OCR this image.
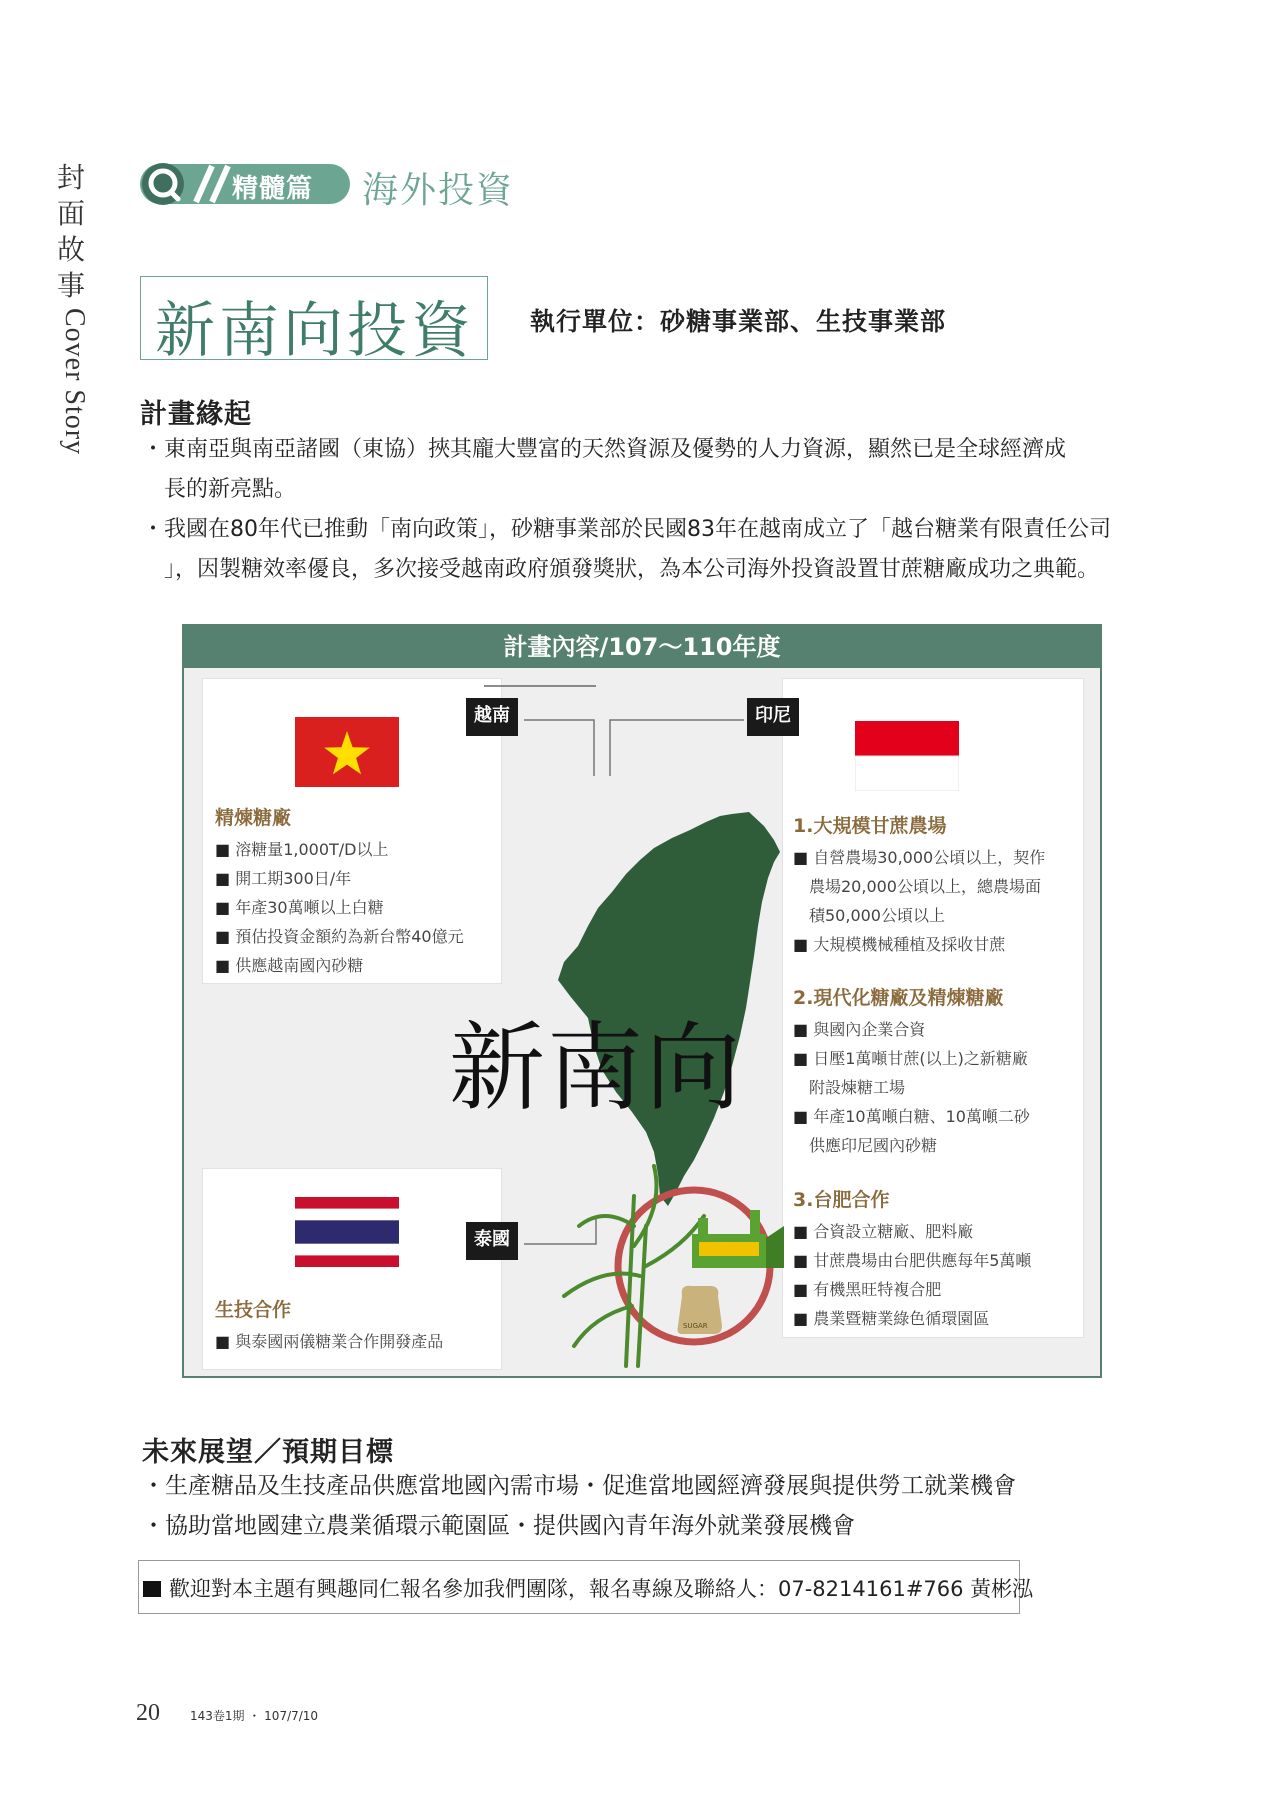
封
面
故
事
Cover Story
精髓篇 海外投資
新南向投資 執行單位：砂糖事業部、生技事業部
計畫緣起
・東南亞與南亞諸國（東協）挾其龐大豐富的天然資源及優勢的人力資源，顯然已是全球經濟成
長的新亮點。
・我國在80年代已推動「南向政策」，砂糖事業部於民國83年在越南成立了「越台糖業有限責任公司
」，因製糖效率優良，多次接受越南政府頒發獎狀，為本公司海外投資設置甘蔗糖廠成功之典範。
計畫內容/107～110年度
精煉糖廠
■ 溶糖量1,000T/D以上
■ 開工期300日/年
■ 年產30萬噸以上白糖
■ 預估投資金額約為新台幣40億元
■ 供應越南國內砂糖
生技合作
■ 與泰國兩儀糖業合作開發產品
1.大規模甘蔗農場
■ 自營農場30,000公頃以上，契作
農場20,000公頃以上，總農場面
積50,000公頃以上
■ 大規模機械種植及採收甘蔗
2.現代化糖廠及精煉糖廠
■ 與國內企業合資
■ 日壓1萬噸甘蔗(以上)之新糖廠
附設煉糖工場
■ 年產10萬噸白糖、10萬噸二砂
供應印尼國內砂糖
3.台肥合作
■ 合資設立糖廠、肥料廠
■ 甘蔗農場由台肥供應每年5萬噸
■ 有機黑旺特複合肥
■ 農業暨糖業綠色循環園區
SUGAR
越南	印尼
泰國
新南向
未來展望／預期目標
・生產糖品及生技產品供應當地國內需市場・促進當地國經濟發展與提供勞工就業機會
・協助當地國建立農業循環示範園區・提供國內青年海外就業發展機會
歡迎對本主題有興趣同仁報名參加我們團隊，報名專線及聯絡人：07-8214161#766 黃彬泓
20	143卷1期 ・ 107/7/10
